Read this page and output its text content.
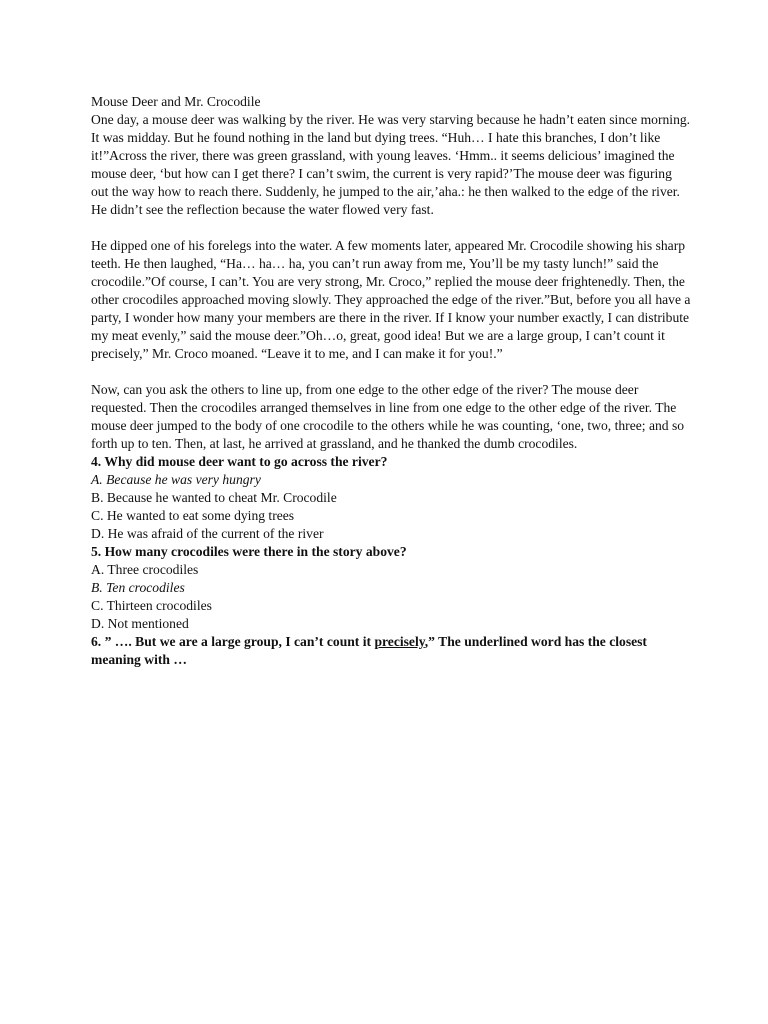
Mouse Deer and Mr. Crocodile

One day, a mouse deer was walking by the river. He was very starving because he hadn’t eaten since morning. It was midday. But he found nothing in the land but dying trees. “Huh… I hate this branches, I don’t like it!”Across the river, there was green grassland, with young leaves. ‘Hmm.. it seems delicious’ imagined the mouse deer, ‘but how can I get there? I can’t swim, the current is very rapid?’The mouse deer was figuring out the way how to reach there. Suddenly, he jumped to the air,’aha.: he then walked to the edge of the river. He didn’t see the reflection because the water flowed very fast.

He dipped one of his forelegs into the water. A few moments later, appeared Mr. Crocodile showing his sharp teeth. He then laughed, “Ha… ha… ha, you can’t run away from me, You’ll be my tasty lunch!” said the crocodile.”Of course, I can’t. You are very strong, Mr. Croco,” replied the mouse deer frightenedly. Then, the other crocodiles approached moving slowly. They approached the edge of the river.”But, before you all have a party, I wonder how many your members are there in the river. If I know your number exactly, I can distribute my meat evenly,” said the mouse deer.”Oh…o, great, good idea! But we are a large group, I can’t count it precisely,” Mr. Croco moaned. “Leave it to me, and I can make it for you!.”

Now, can you ask the others to line up, from one edge to the other edge of the river? The mouse deer requested. Then the crocodiles arranged themselves in line from one edge to the other edge of the river. The mouse deer jumped to the body of one crocodile to the others while he was counting, ‘one, two, three; and so forth up to ten. Then, at last, he arrived at grassland, and he thanked the dumb crocodiles.

4. Why did mouse deer want to go across the river?

A. Because he was very hungry

B. Because he wanted to cheat Mr. Crocodile

C. He wanted to eat some dying trees

D. He was afraid of the current of the river

5. How many crocodiles were there in the story above?

A. Three crocodiles

B. Ten crocodiles

C. Thirteen crocodiles

D. Not mentioned

6. ” …. But we are a large group, I can’t count it precisely,” The underlined word has the closest meaning with …
